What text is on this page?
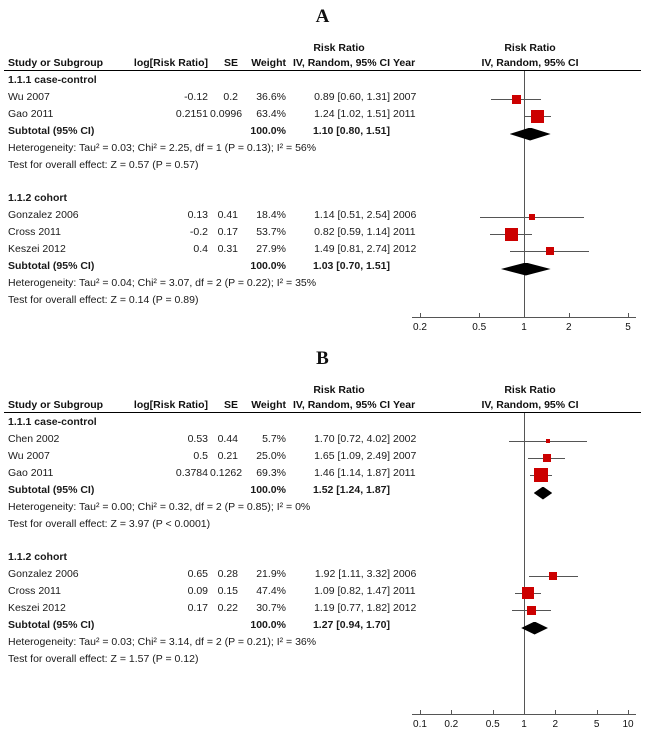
A
Risk Ratio
Study or Subgroup	log[Risk Ratio]	SE	Weight IV, Random, 95% CI Year
Risk Ratio
IV, Random, 95% CI
1.1.1 case-control
Wu 2007	-0.12	0.2	36.6%	0.89 [0.60, 1.31] 2007
Gao 2011	0.2151 0.0996	63.4%	1.24 [1.02, 1.51] 2011
Subtotal (95% CI)	100.0%	1.10 [0.80, 1.51]
Heterogeneity: Tau² = 0.03; Chi² = 2.25, df = 1 (P = 0.13); I² = 56%
Test for overall effect: Z = 0.57 (P = 0.57)
1.1.2 cohort
Gonzalez 2006	0.13 0.41	18.4%	1.14 [0.51, 2.54] 2006
Cross 2011	-0.2 0.17	53.7%	0.82 [0.59, 1.14] 2011
Keszei 2012	0.4 0.31	27.9%	1.49 [0.81, 2.74] 2012
Subtotal (95% CI)	100.0%	1.03 [0.70, 1.51]
Heterogeneity: Tau² = 0.04; Chi² = 3.07, df = 2 (P = 0.22); I² = 35%
Test for overall effect: Z = 0.14 (P = 0.89)
0.2	0.5	1	2	5
B
Risk Ratio
Study or Subgroup	log[Risk Ratio]	SE	Weight IV, Random, 95% CI Year
Risk Ratio
IV, Random, 95% CI
1.1.1 case-control
Chen 2002	0.53 0.44	5.7%	1.70 [0.72, 4.02] 2002
Wu 2007	0.5 0.21	25.0%	1.65 [1.09, 2.49] 2007
Gao 2011	0.3784 0.1262	69.3%	1.46 [1.14, 1.87] 2011
Subtotal (95% CI)	100.0%	1.52 [1.24, 1.87]
Heterogeneity: Tau² = 0.00; Chi² = 0.32, df = 2 (P = 0.85); I² = 0%
Test for overall effect: Z = 3.97 (P < 0.0001)
1.1.2 cohort
Gonzalez 2006	0.65 0.28	21.9%	1.92 [1.11, 3.32] 2006
Cross 2011	0.09 0.15	47.4%	1.09 [0.82, 1.47] 2011
Keszei 2012	0.17 0.22	30.7%	1.19 [0.77, 1.82] 2012
Subtotal (95% CI)	100.0%	1.27 [0.94, 1.70]
Heterogeneity: Tau² = 0.03; Chi² = 3.14, df = 2 (P = 0.21); I² = 36%
Test for overall effect: Z = 1.57 (P = 0.12)
0.1	0.2	0.5	1	2	5	10
